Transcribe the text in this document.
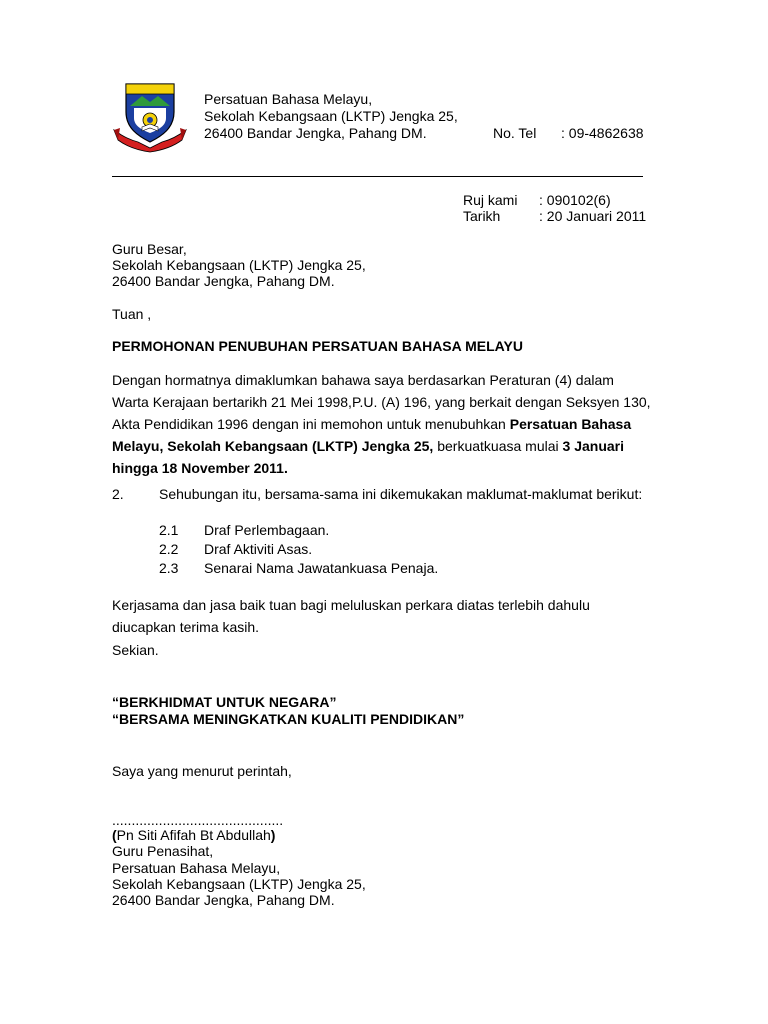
Persatuan Bahasa Melayu,
Sekolah Kebangsaan (LKTP) Jengka 25,
26400 Bandar Jengka, Pahang DM.	No. Tel : 09-4862638
Ruj kami : 090102(6)
Tarikh	: 20 Januari 2011
Guru Besar,
Sekolah Kebangsaan (LKTP) Jengka 25,
26400 Bandar Jengka, Pahang DM.
Tuan ,
PERMOHONAN PENUBUHAN PERSATUAN BAHASA MELAYU
Dengan hormatnya dimaklumkan bahawa saya berdasarkan Peraturan (4) dalam Warta Kerajaan bertarikh 21 Mei 1998,P.U. (A) 196, yang berkait dengan Seksyen 130, Akta Pendidikan 1996 dengan ini memohon untuk menubuhkan Persatuan Bahasa Melayu, Sekolah Kebangsaan (LKTP) Jengka 25, berkuatkuasa mulai 3 Januari hingga 18 November 2011.
2.	Sehubungan itu, bersama-sama ini dikemukakan maklumat-maklumat berikut:
2.1 Draf Perlembagaan.
2.2 Draf Aktiviti Asas.
2.3 Senarai Nama Jawatankuasa Penaja.
Kerjasama dan jasa baik tuan bagi meluluskan perkara diatas terlebih dahulu diucapkan terima kasih.
Sekian.
“BERKHIDMAT UNTUK NEGARA”
“BERSAMA MENINGKATKAN KUALITI PENDIDIKAN”
Saya yang menurut perintah,
............................................
(Pn Siti Afifah Bt Abdullah)
Guru Penasihat,
Persatuan Bahasa Melayu,
Sekolah Kebangsaan (LKTP) Jengka 25,
26400 Bandar Jengka, Pahang DM.
